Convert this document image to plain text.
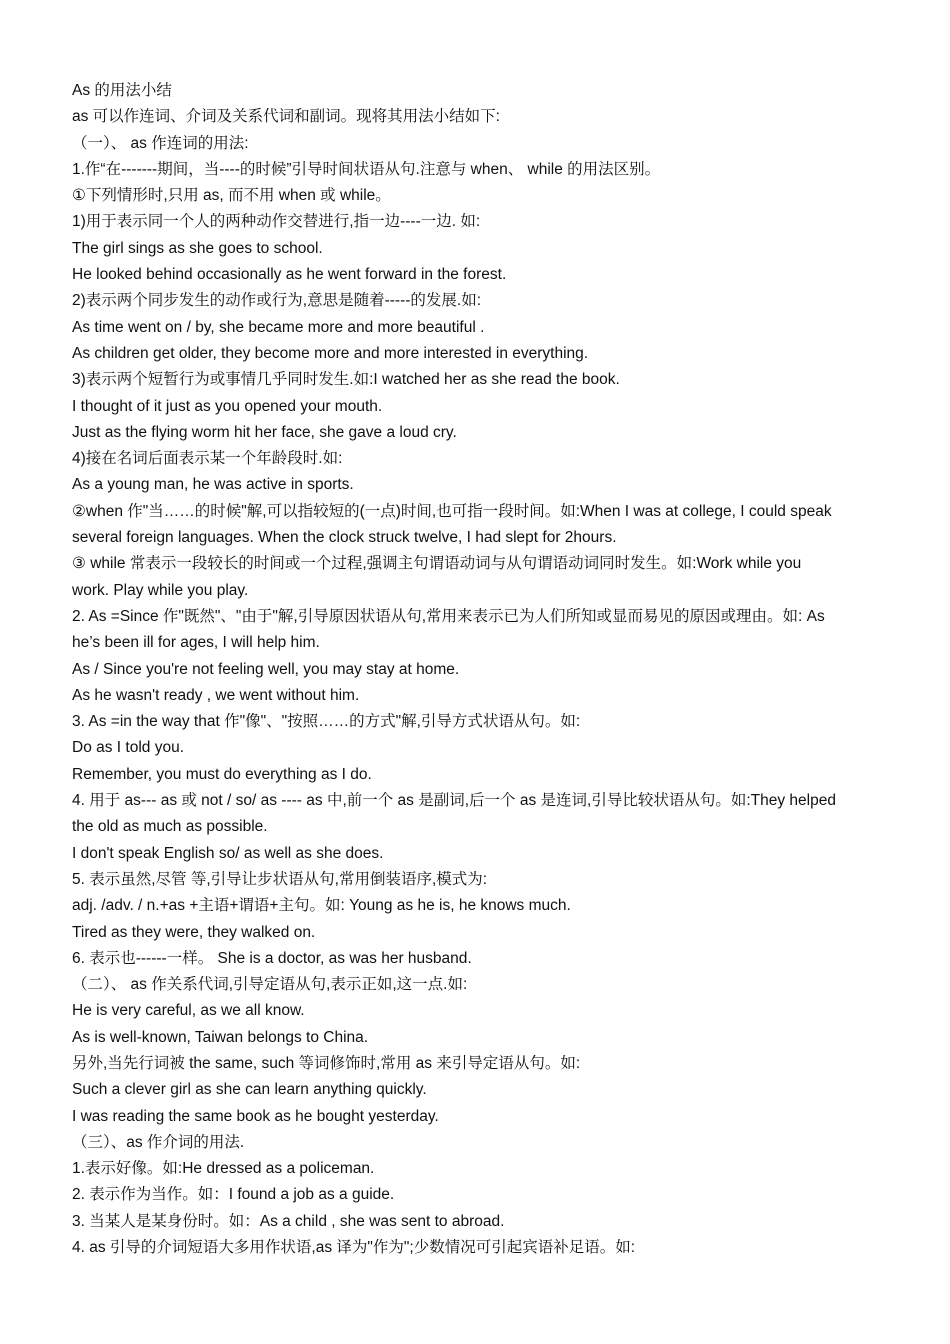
As 的用法小结
as 可以作连词、介词及关系代词和副词。现将其用法小结如下:
（一）、 as 作连词的用法:
1.作“在-------期间，当----的时候”引导时间状语从句.注意与 when、 while 的用法区别。
①下列情形时,只用 as, 而不用 when 或 while。
1)用于表示同一个人的两种动作交替进行,指一边----一边. 如:
The girl sings as she goes to school.
He looked behind occasionally as he went forward in the forest.
2)表示两个同步发生的动作或行为,意思是随着-----的发展.如:
As time went on / by, she became more and more beautiful .
As children get older, they become more and more interested in everything.
3)表示两个短暂行为或事情几乎同时发生.如:I watched her as she read the book.
I thought of it just as you opened your mouth.
Just as the flying worm hit her face, she gave a loud cry.
4)接在名词后面表示某一个年龄段时.如:
As a young man, he was active in sports.
②when 作"当……的时候"解,可以指较短的(一点)时间,也可指一段时间。如:When I was at college, I could speak
several foreign languages. When the clock struck twelve, I had slept for 2hours.
③ while 常表示一段较长的时间或一个过程,强调主句谓语动词与从句谓语动词同时发生。如:Work while you
work. Play while you play.
2. As =Since 作"既然"、"由于"解,引导原因状语从句,常用来表示已为人们所知或显而易见的原因或理由。如: As
he’s been ill for ages, I will help him.
As / Since you're not feeling well, you may stay at home.
As he wasn't ready , we went without him.
3. As =in the way that 作"像"、"按照……的方式"解,引导方式状语从句。如:
Do as I told you.
Remember, you must do everything as I do.
4. 用于 as--- as 或 not / so/ as ---- as 中,前一个 as 是副词,后一个 as 是连词,引导比较状语从句。如:They helped
the old as much as possible.
I don't speak English so/ as well as she does.
5. 表示虽然,尽管 等,引导让步状语从句,常用倒装语序,模式为:
adj. /adv. / n.+as +主语+谓语+主句。如: Young as he is, he knows much.
Tired as they were, they walked on.
6. 表示也------一样。 She is a doctor, as was her husband.
（二）、 as 作关系代词,引导定语从句,表示正如,这一点.如:
He is very careful, as we all know.
As is well-known, Taiwan belongs to China.
另外,当先行词被 the same, such 等词修饰时,常用 as 来引导定语从句。如:
Such a clever girl as she can learn anything quickly.
I was reading the same book as he bought yesterday.
（三）、as 作介词的用法.
1.表示好像。如:He dressed as a policeman.
2. 表示作为当作。如：I found a job as a guide.
3. 当某人是某身份时。如：As a child , she was sent to abroad.
4. as 引导的介词短语大多用作状语,as 译为"作为";少数情况可引起宾语补足语。如:
